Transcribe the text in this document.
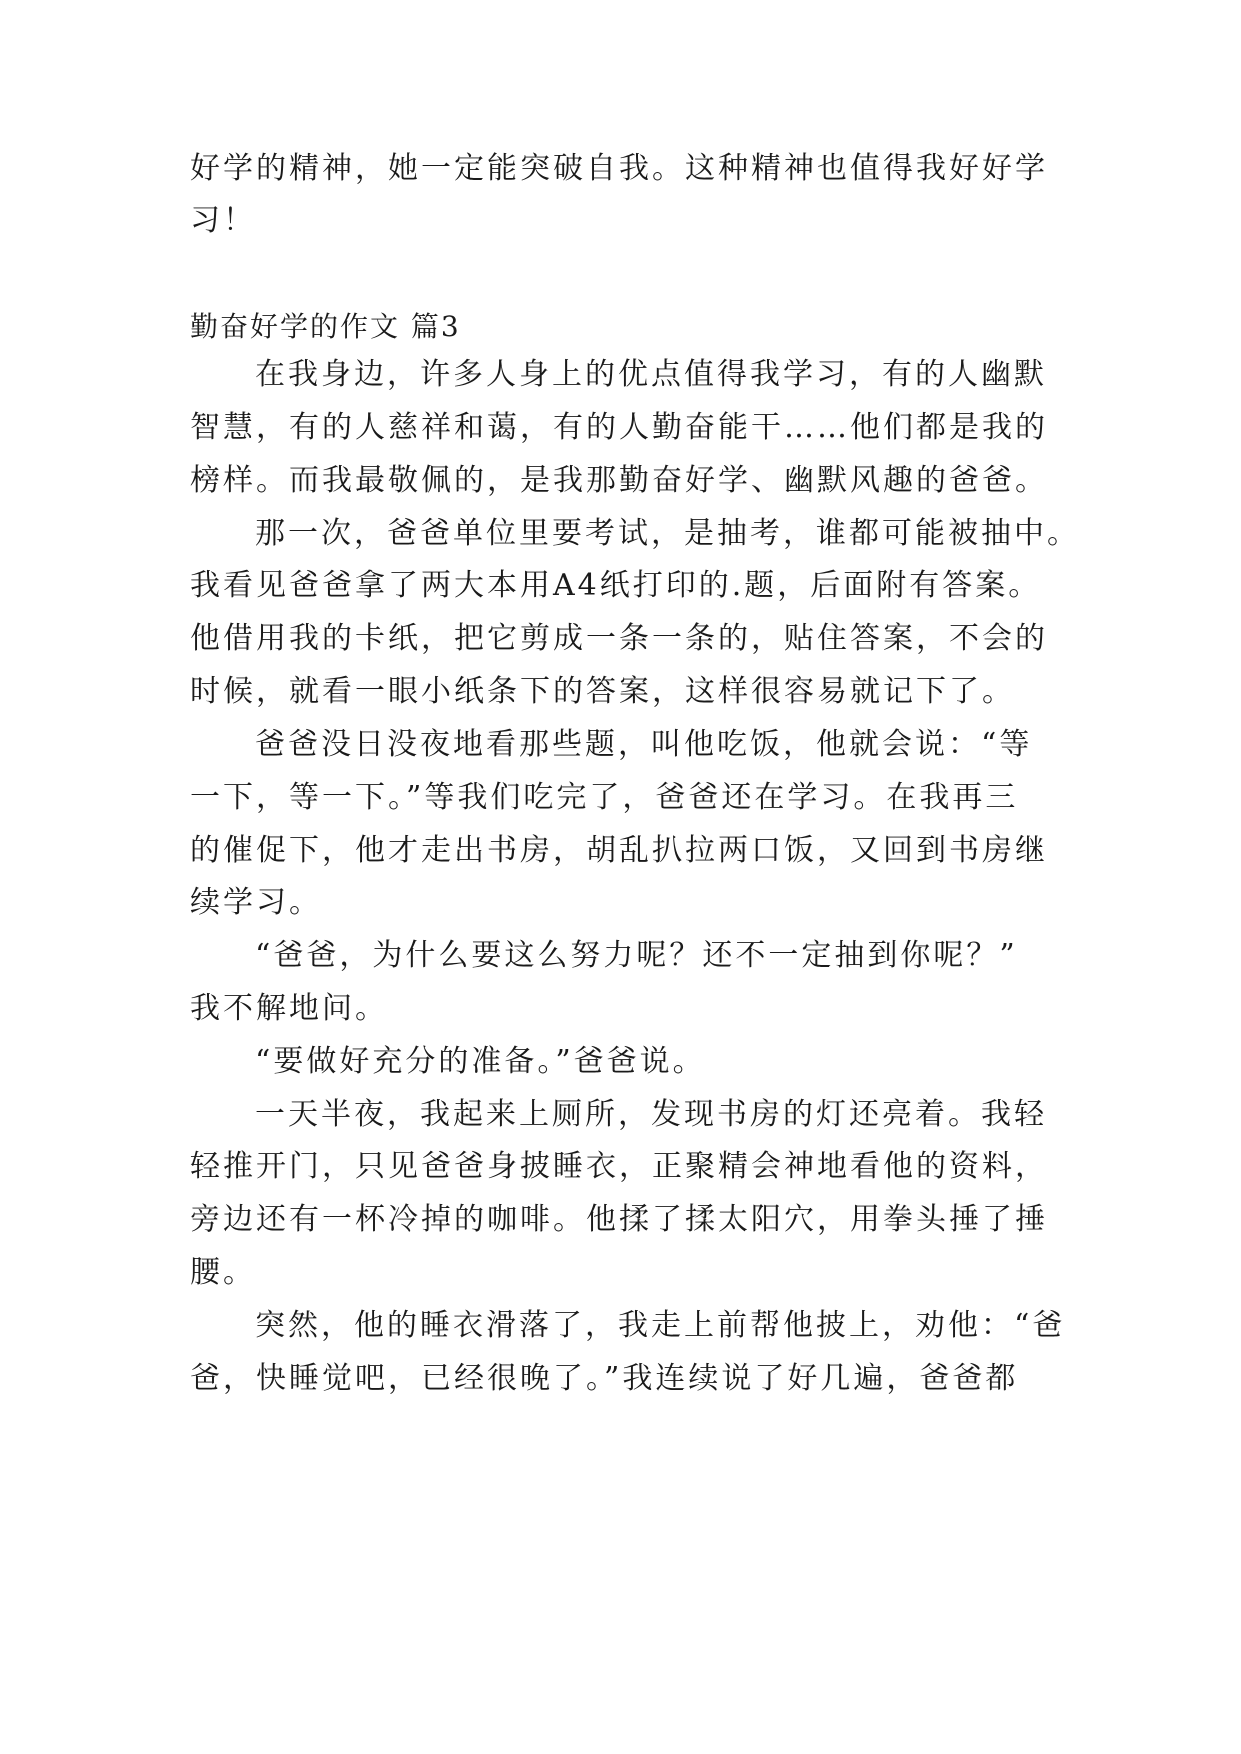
好学的精神，她一定能突破自我。这种精神也值得我好好学
习！
勤奋好学的作文 篇3
在我身边，许多人身上的优点值得我学习，有的人幽默
智慧，有的人慈祥和蔼，有的人勤奋能干……他们都是我的
榜样。而我最敬佩的，是我那勤奋好学、幽默风趣的爸爸。
那一次，爸爸单位里要考试，是抽考，谁都可能被抽中。
我看见爸爸拿了两大本用A4纸打印的.题，后面附有答案。
他借用我的卡纸，把它剪成一条一条的，贴住答案，不会的
时候，就看一眼小纸条下的答案，这样很容易就记下了。
爸爸没日没夜地看那些题，叫他吃饭，他就会说：“等
一下，等一下。”等我们吃完了，爸爸还在学习。在我再三
的催促下，他才走出书房，胡乱扒拉两口饭，又回到书房继
续学习。
“爸爸，为什么要这么努力呢？还不一定抽到你呢？”
我不解地问。
“要做好充分的准备。”爸爸说。
一天半夜，我起来上厕所，发现书房的灯还亮着。我轻
轻推开门，只见爸爸身披睡衣，正聚精会神地看他的资料，
旁边还有一杯冷掉的咖啡。他揉了揉太阳穴，用拳头捶了捶
腰。
突然，他的睡衣滑落了，我走上前帮他披上，劝他：“爸
爸，快睡觉吧，已经很晚了。”我连续说了好几遍，爸爸都
